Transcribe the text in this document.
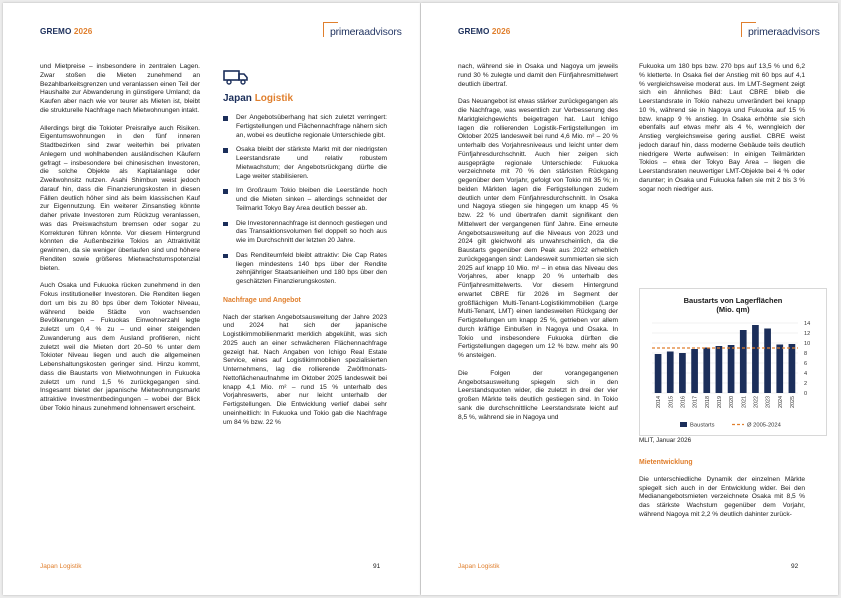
GREMO 2026	primeraadvisors

und Mietpreise – insbesondere in zentralen Lagen. Zwar stoßen die Mieten zunehmend an Bezahlbarkeitsgrenzen und veranlassen einen Teil der Haushalte zur Abwanderung in günstigere Umland; da Kaufen aber nach wie vor teurer als Mieten ist, bleibt die strukturelle Nachfrage nach Mietwohnungen intakt.

Allerdings birgt die Tokioter Preisrallye auch Risiken. Eigentumswohnungen in den fünf inneren Stadtbezirken sind zwar weiterhin bei privaten Anlegern und wohlhabenden ausländischen Käufern gefragt – insbesondere bei chinesischen Investoren, die solche Objekte als Kapitalanlage oder Zweitwohnsitz nutzen. Asahi Shimbun weist jedoch darauf hin, dass die Finanzierungskosten in diesen Fällen deutlich höher sind als beim klassischen Kauf zur Eigennutzung. Ein weiterer Zinsanstieg könnte daher private Investoren zum Rückzug veranlassen, was das Preiswachstum bremsen oder sogar zu Korrekturen führen könnte. Vor diesem Hintergrund könnten die Außenbezirke Tokios an Attraktivität gewinnen, da sie weniger überlaufen sind und höhere Renditen sowie größeres Mietwachstumspotenzial bieten.

Auch Osaka und Fukuoka rücken zunehmend in den Fokus institutioneller Investoren. Die Renditen liegen dort um bis zu 80 bps über dem Tokioter Niveau, während beide Städte von wachsenden Bevölkerungen – Fukuokas Einwohnerzahl legte zuletzt um 0,4 % zu – und einer steigenden Zuwanderung aus dem Ausland profitieren, nicht zuletzt weil die Mieten dort 20–50 % unter dem Tokioter Niveau liegen und auch die allgemeinen Lebenshaltungskosten geringer sind. Hinzu kommt, dass die Baustarts von Mietwohnungen in Fukuoka zuletzt um rund 1,5 % zurückgegangen sind. Insgesamt bietet der japanische Mietwohnungsmarkt attraktive Investmentbedingungen – wobei der Blick über Tokio hinaus zunehmend lohnenswert erscheint.

Japan Logistik
Der Angebotsüberhang hat sich zuletzt verringert: Fertigstellungen und Flächennachfrage nähern sich an, wobei es deutliche regionale Unterschiede gibt.
Osaka bleibt der stärkste Markt mit der niedrigsten Leerstandsrate und relativ robustem Mietwachstum; der Angebotsrückgang dürfte die Lage weiter stabilisieren.
Im Großraum Tokio bleiben die Leerstände hoch und die Mieten sinken – allerdings schneidet der Teilmarkt Tokyo Bay Area deutlich besser ab.
Die Investorennachfrage ist dennoch gestiegen und das Transaktionsvolumen fiel doppelt so hoch aus wie im Durchschnitt der letzten 20 Jahre.
Das Renditeumfeld bleibt attraktiv: Die Cap Rates liegen mindestens 140 bps über der Rendite zehnjähriger Staatsanleihen und 180 bps über den geschätzten Finanzierungskosten.
Nachfrage und Angebot

Nach der starken Angebotsausweitung der Jahre 2023 und 2024 hat sich der japanische Logistikimmobilienmarkt merklich abgekühlt, was sich 2025 auch an einer schwächeren Flächennachfrage gezeigt hat. Nach Angaben von Ichigo Real Estate Service, eines auf Logistikimmobilien spezialisierten Unternehmens, lag die rollierende Zwölfmonats-Nettoflächenaufnahme im Oktober 2025 landesweit bei knapp 4,1 Mio. m² – rund 15 % unterhalb des Vorjahreswerts, aber nur leicht unterhalb der Fertigstellungen. Die Entwicklung verlief dabei sehr uneinheitlich: In Fukuoka und Tokio gab die Nachfrage um 84 % bzw. 22 %

Japan Logistik	91
GREMO 2026	primeraadvisors

nach, während sie in Osaka und Nagoya um jeweils rund 30 % zulegte und damit den Fünfjahresmittelwert deutlich übertraf.

Das Neuangebot ist etwas stärker zurückgegangen als die Nachfrage, was wesentlich zur Verbesserung des Marktgleichgewichts beigetragen hat. Laut Ichigo lagen die rollierenden Logistik-Fertigstellungen im Oktober 2025 landesweit bei rund 4,6 Mio. m² – 20 % unterhalb des Vorjahresniveaus und leicht unter dem Fünfjahresdurchschnitt. Auch hier zeigen sich ausgeprägte regionale Unterschiede: Fukuoka verzeichnete mit 70 % den stärksten Rückgang gegenüber dem Vorjahr, gefolgt von Tokio mit 35 %; in beiden Märkten lagen die Fertigstellungen zudem deutlich unter dem Fünfjahresdurchschnitt. In Osaka und Nagoya stiegen sie hingegen um knapp 45 % bzw. 22 % und übertrafen damit signifikant den Mittelwert der vergangenen fünf Jahre. Eine erneute Angebotsausweitung auf die Niveaus von 2023 und 2024 gilt gleichwohl als unwahrscheinlich, da die Baustarts gegenüber dem Peak aus 2022 erheblich zurückgegangen sind: Landesweit summierten sie sich 2025 auf knapp 10 Mio. m² – in etwa das Niveau des Vorjahres, aber knapp 20 % unterhalb des Fünfjahresmittelwerts. Vor diesem Hintergrund erwartet CBRE für 2026 im Segment der großflächigen Multi-Tenant-Logistikimmobilien (Large Multi-Tenant, LMT) einen landesweiten Rückgang der Fertigstellungen um knapp 25 %, getrieben vor allem durch kräftige Einbußen in Nagoya und Osaka. In Tokio und insbesondere Fukuoka dürften die Fertigstellungen dagegen um 12 % bzw. mehr als 90 % ansteigen.

Die Folgen der vorangegangenen Angebotsausweitung spiegeln sich in den Leerstandsquoten wider, die zuletzt in drei der vier großen Märkte teils deutlich gestiegen sind. In Tokio sank die durchschnittliche Leerstandsrate leicht auf 8,5 %, während sie in Nagoya und

Fukuoka um 180 bps bzw. 270 bps auf 13,5 % und 6,2 % kletterte. In Osaka fiel der Anstieg mit 60 bps auf 4,1 % vergleichsweise moderat aus. Im LMT-Segment zeigt sich ein ähnliches Bild: Laut CBRE blieb die Leerstandsrate in Tokio nahezu unverändert bei knapp 10 %, während sie in Nagoya und Fukuoka auf 15 % bzw. knapp 9 % anstieg. In Osaka erhöhte sie sich ebenfalls auf etwas mehr als 4 %, wenngleich der Anstieg vergleichsweise gering ausfiel. CBRE weist jedoch darauf hin, dass moderne Gebäude teils deutlich niedrigere Werte aufweisen: In einigen Teilmärkten Tokios – etwa der Tokyo Bay Area – liegen die Leerstandsraten neuwertiger LMT-Objekte bei 4 % oder darunter; in Osaka und Fukuoka fallen sie mit 2 bis 3 % sogar noch niedriger aus.

Baustarts von Lagerflächen (Mio. qm)
0
2
4
6
8
10
12
14
2014 2015 2016 2017 2018 2019 2020 2021 2022 2023 2024 2025
Baustarts	Ø 2005-2024
MLIT, Januar 2026
Mietentwicklung

Die unterschiedliche Dynamik der einzelnen Märkte spiegelt sich auch in der Entwicklung wider. Bei den Medianangebotsmieten verzeichnete Osaka mit 8,5 % das stärkste Wachstum gegenüber dem Vorjahr, während Nagoya mit 2,2 % deutlich dahinter zurück-

Japan Logistik	92
